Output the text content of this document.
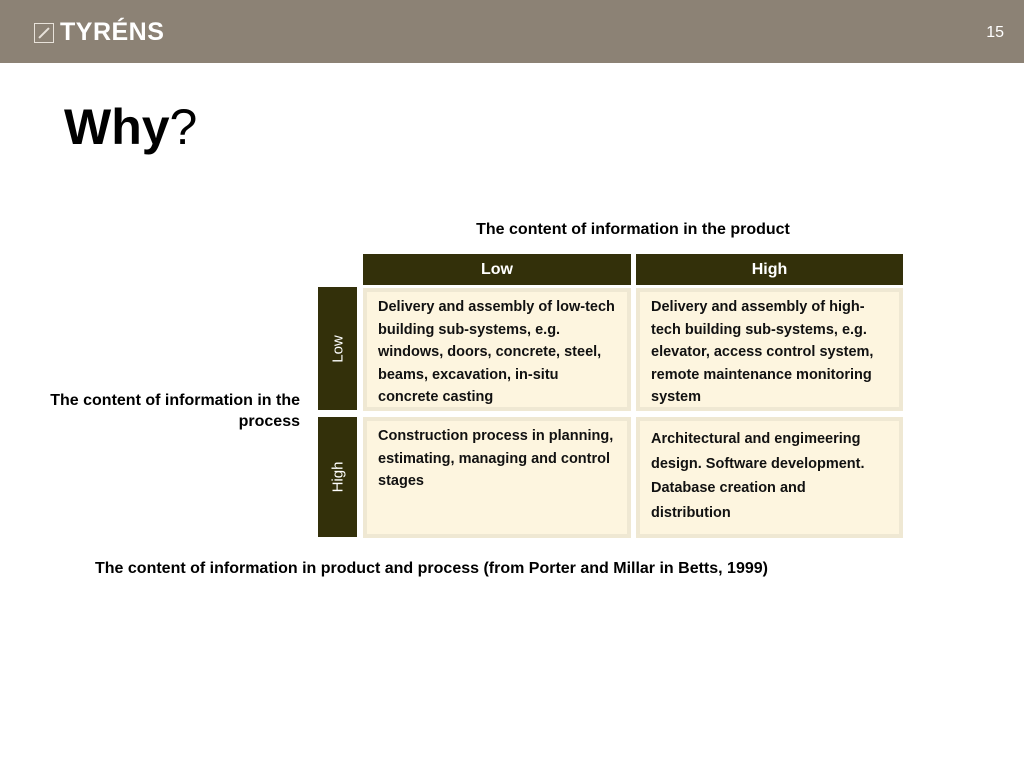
TYRÉNS	15
Why?
The content of information in the product
Low	High
Low
High
The content of information in the process
Delivery and assembly of low-tech building sub-systems, e.g. windows, doors, concrete, steel, beams, excavation, in-situ concrete casting
Delivery and assembly of high-tech building sub-systems, e.g. elevator, access control system, remote maintenance monitoring system
Construction process in planning, estimating, managing and control stages
Architectural and engimeering design. Software development. Database creation and distribution
The content of information in product and process (from Porter and Millar in Betts, 1999)
